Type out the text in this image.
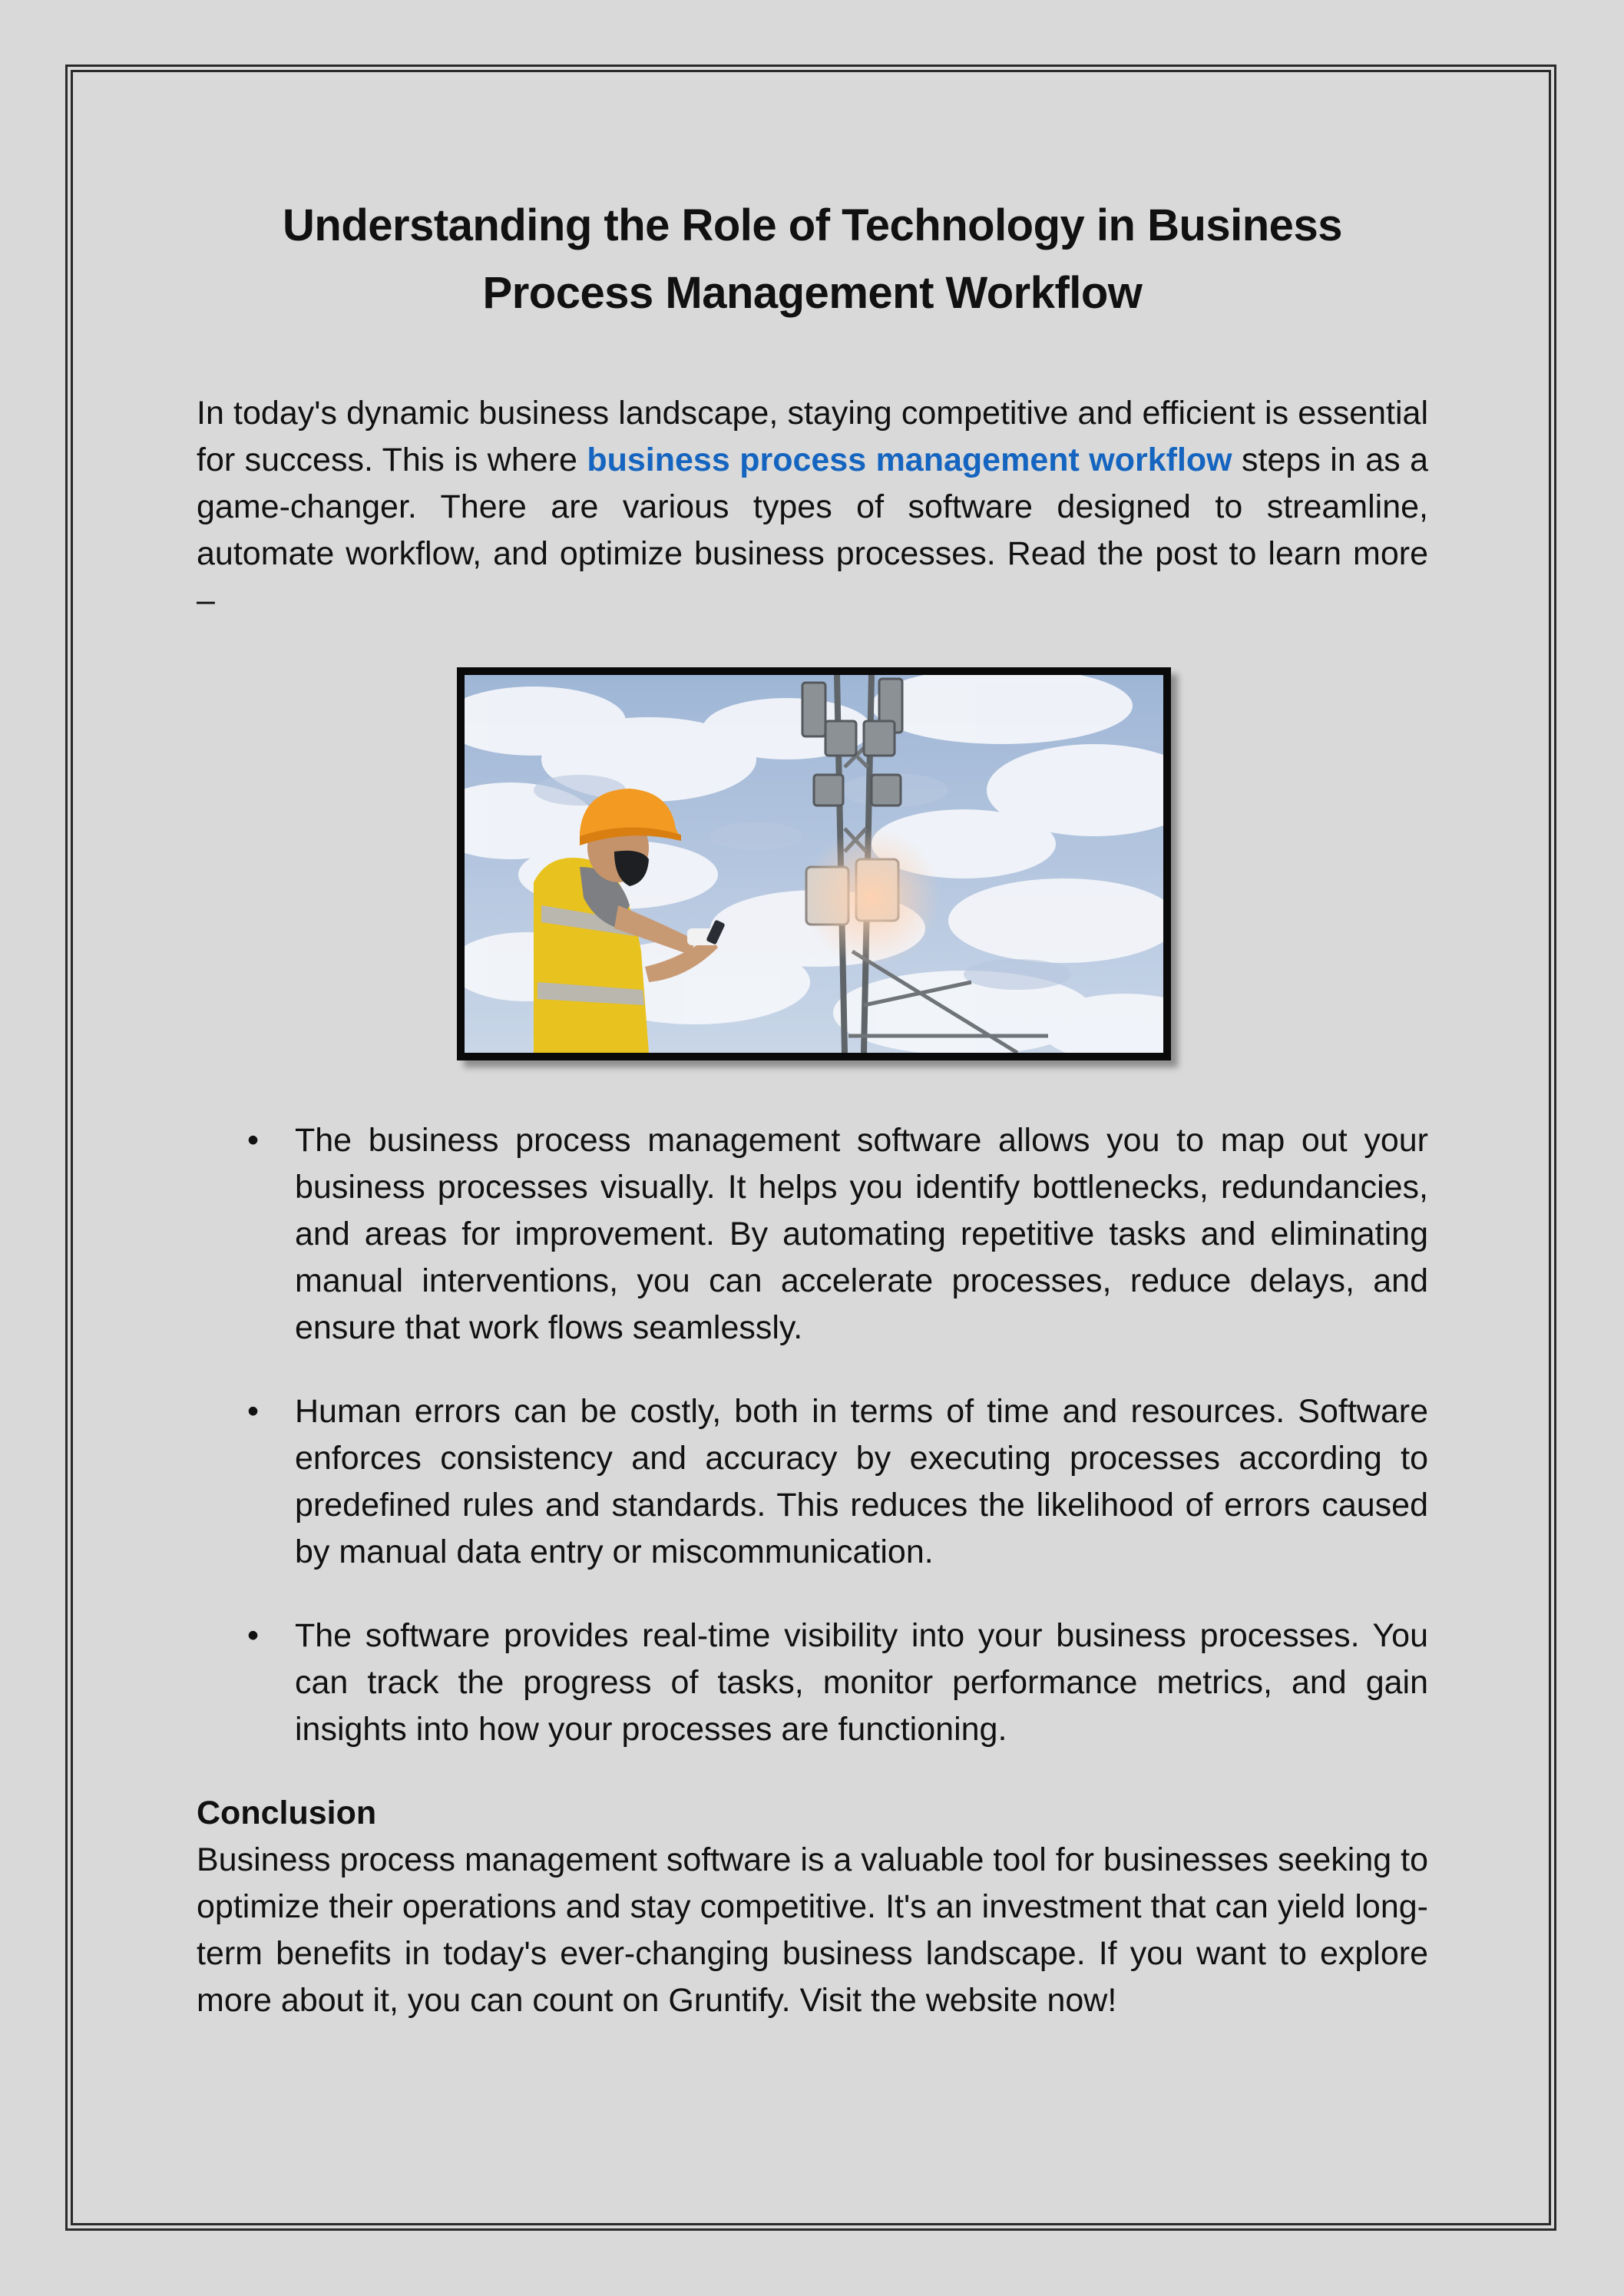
Understanding the Role of Technology in Business Process Management Workflow

In today's dynamic business landscape, staying competitive and efficient is essential for success. This is where business process management workflow steps in as a game-changer. There are various types of software designed to streamline, automate workflow, and optimize business processes. Read the post to learn more –

• The business process management software allows you to map out your business processes visually. It helps you identify bottlenecks, redundancies, and areas for improvement. By automating repetitive tasks and eliminating manual interventions, you can accelerate processes, reduce delays, and ensure that work flows seamlessly.

• Human errors can be costly, both in terms of time and resources. Software enforces consistency and accuracy by executing processes according to predefined rules and standards. This reduces the likelihood of errors caused by manual data entry or miscommunication.

• The software provides real-time visibility into your business processes. You can track the progress of tasks, monitor performance metrics, and gain insights into how your processes are functioning.

Conclusion

Business process management software is a valuable tool for businesses seeking to optimize their operations and stay competitive. It's an investment that can yield long-term benefits in today's ever-changing business landscape. If you want to explore more about it, you can count on Gruntify. Visit the website now!
